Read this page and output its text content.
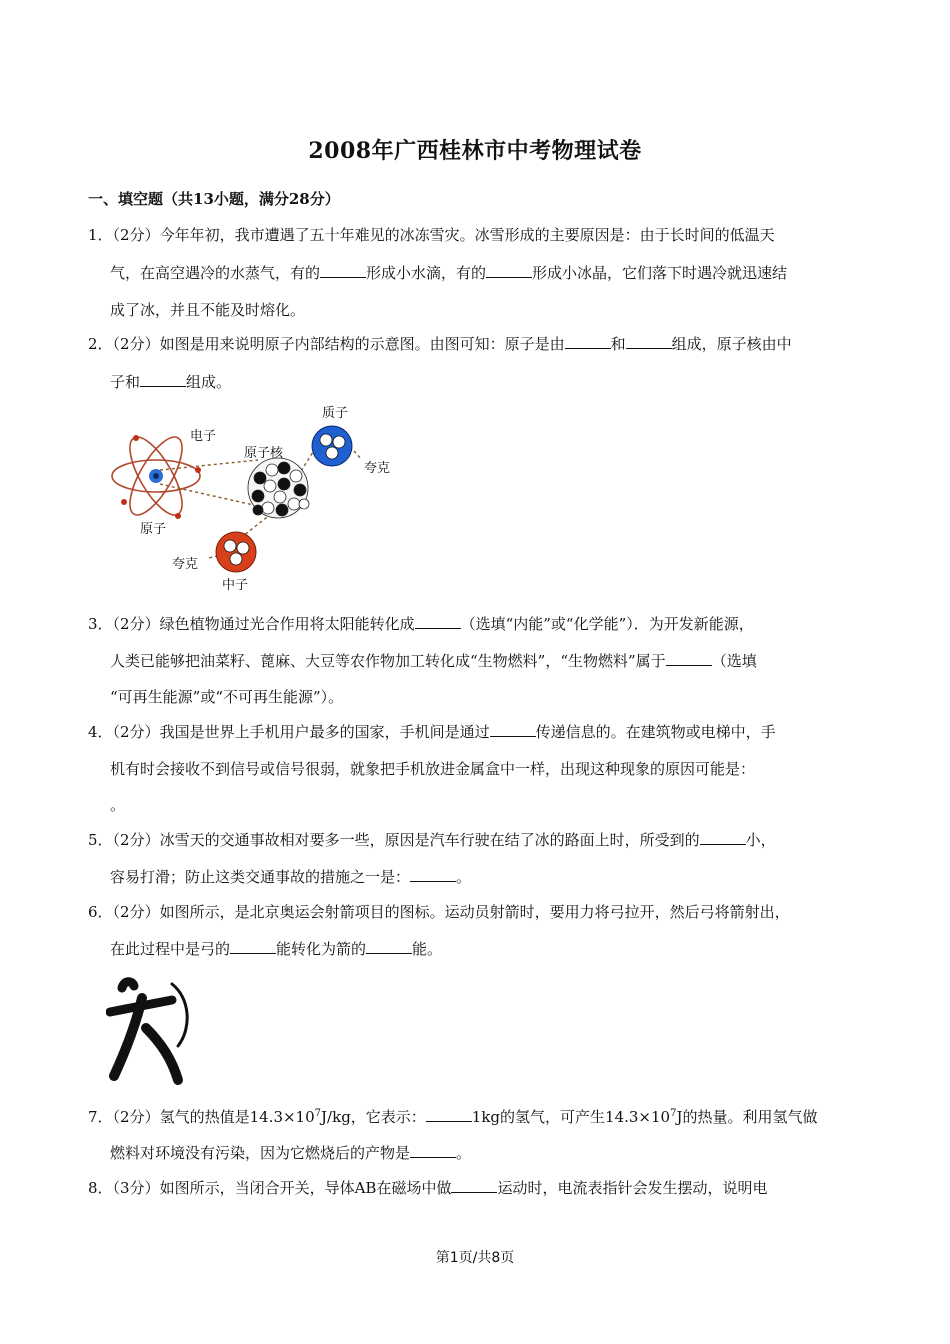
2008年广西桂林市中考物理试卷
一、填空题（共13小题，满分28分）
1．（2分）今年年初，我市遭遇了五十年难见的冰冻雪灾。冰雪形成的主要原因是：由于长时间的低温天
气，在高空遇冷的水蒸气，有的	形成小水滴，有的	形成小冰晶，它们落下时遇冷就迅速结
成了冰，并且不能及时熔化。
2．（2分）如图是用来说明原子内部结构的示意图。由图可知：原子是由	和	组成，原子核由中
子和	组成。
电子
原子核
质子
夸克
原子
夸克
中子
3．（2分）绿色植物通过光合作用将太阳能转化成	（选填“内能”或“化学能”）．为开发新能源，
人类已能够把油菜籽、蓖麻、大豆等农作物加工转化成“生物燃料”，“生物燃料”属于	（选填
“可再生能源”或“不可再生能源”）。
4．（2分）我国是世界上手机用户最多的国家，手机间是通过	传递信息的。在建筑物或电梯中，手
机有时会接收不到信号或信号很弱，就象把手机放进金属盒中一样，出现这种现象的原因可能是：
。
5．（2分）冰雪天的交通事故相对要多一些，原因是汽车行驶在结了冰的路面上时，所受到的	小，
容易打滑；防止这类交通事故的措施之一是：	。
6．（2分）如图所示，是北京奥运会射箭项目的图标。运动员射箭时，要用力将弓拉开，然后弓将箭射出，
在此过程中是弓的	能转化为箭的	能。
7．（2分）氢气的热值是$14.3\times 10^7J/kg$，它表示：	1kg的氢气，可产生$14.3\times 10^7J$的热量。利用氢气做
燃料对环境没有污染，因为它燃烧后的产物是	。
8．（3分）如图所示，当闭合开关，导体AB在磁场中做	运动时，电流表指针会发生摆动，说明电
第1页/共8页
